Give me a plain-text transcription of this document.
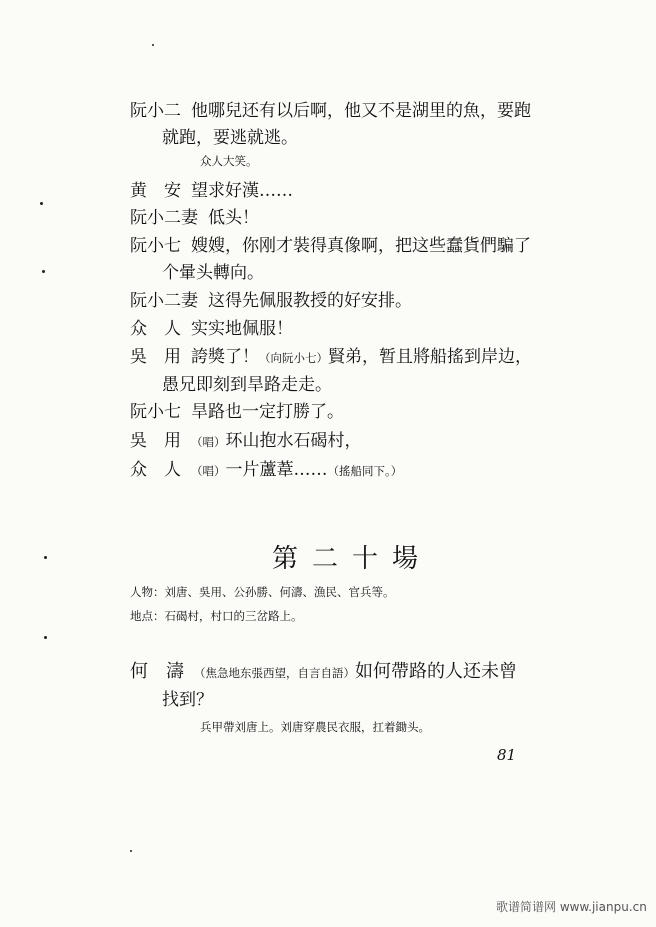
阮小二 他哪兒还有以后啊，他又不是湖里的魚，要跑
就跑，要逃就逃。
众人大笑。
黄　安 望求好漢……
阮小二妻 低头！
阮小七 嫂嫂，你刚才裝得真像啊，把这些蠢貨們騙了
个暈头轉向。
阮小二妻 这得先佩服教授的好安排。
众　人 实实地佩服！
吳　用 誇獎了！（向阮小七）賢弟，暂且將船搖到岸边，
愚兄即刻到旱路走走。
阮小七 旱路也一定打勝了。
吳　用 （唱）环山抱水石碣村，
众　人 （唱）一片蘆葦……（搖船同下。）
第二十場
人物：刘唐、吳用、公孙勝、何濤、漁民、官兵等。
地点：石碣村，村口的三岔路上。
何　濤 （焦急地东張西望，自言自語）如何帶路的人还未曾
找到？
兵甲帶刘唐上。刘唐穿農民衣服，扛着鋤头。
81
歌谱简谱网 www.jianpu.cn
